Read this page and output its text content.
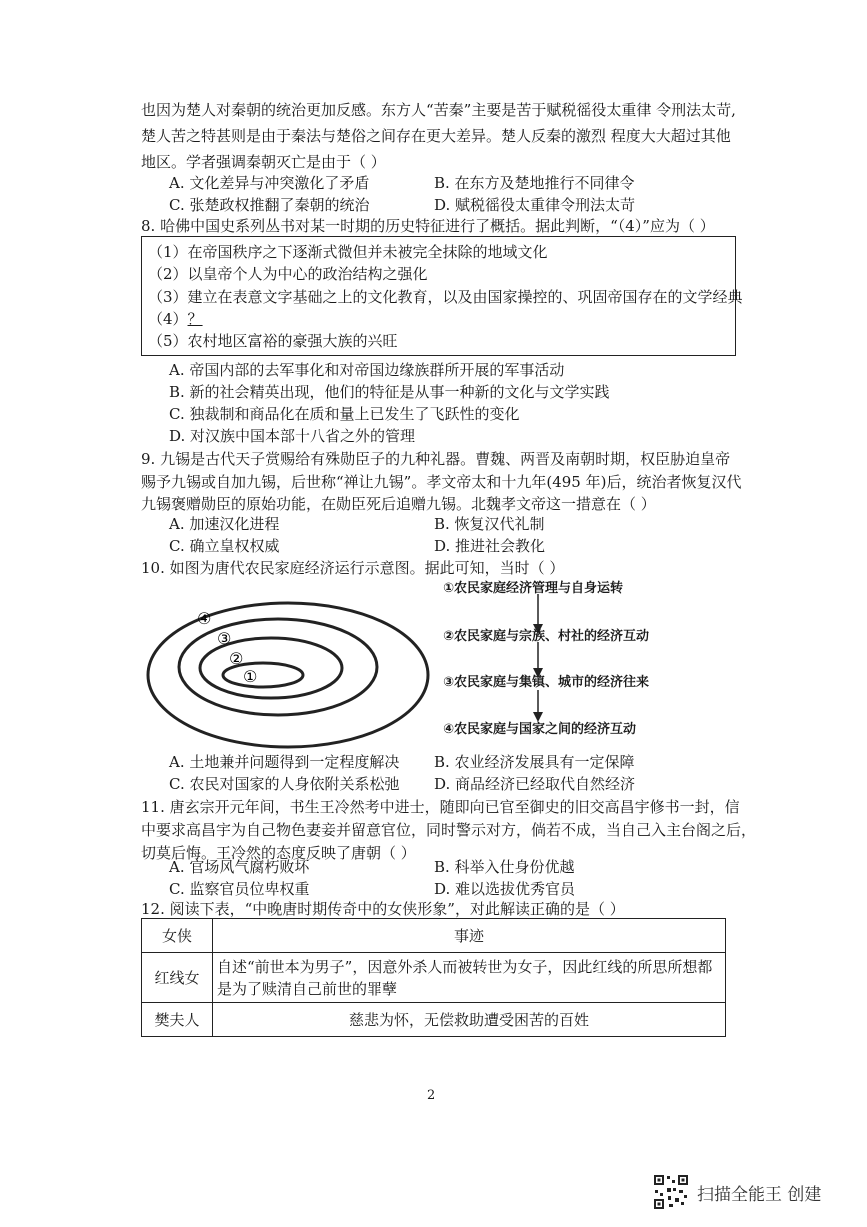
也因为楚人对秦朝的统治更加反感。东方人“苦秦”主要是苦于赋税徭役太重律 令刑法太苛,
楚人苦之特甚则是由于秦法与楚俗之间存在更大差异。楚人反秦的激烈 程度大大超过其他
地区。学者强调秦朝灭亡是由于（ ）
A. 文化差异与冲突激化了矛盾	B. 在东方及楚地推行不同律令
C. 张楚政权推翻了秦朝的统治	D. 赋税徭役太重律令刑法太苛
8. 哈佛中国史系列丛书对某一时期的历史特征进行了概括。据此判断，“（4）”应为（ ）
（1）在帝国秩序之下逐渐式微但并未被完全抹除的地域文化
（2）以皇帝个人为中心的政治结构之强化
（3）建立在表意文字基础之上的文化教育，以及由国家操控的、巩固帝国存在的文学经典
（4）？
（5）农村地区富裕的豪强大族的兴旺
A. 帝国内部的去军事化和对帝国边缘族群所开展的军事活动
B. 新的社会精英出现，他们的特征是从事一种新的文化与文学实践
C. 独裁制和商品化在质和量上已发生了飞跃性的变化
D. 对汉族中国本部十八省之外的管理
9. 九锡是古代天子赏赐给有殊勋臣子的九种礼器。曹魏、两晋及南朝时期，权臣胁迫皇帝
赐予九锡或自加九锡，后世称“禅让九锡”。孝文帝太和十九年(495 年)后，统治者恢复汉代
九锡褒赠勋臣的原始功能，在勋臣死后追赠九锡。北魏孝文帝这一措意在（ ）
A. 加速汉化进程	B. 恢复汉代礼制
C. 确立皇权权威	D. 推进社会教化
10. 如图为唐代农民家庭经济运行示意图。据此可知，当时（ ）
①
②
③
④
①农民家庭经济管理与自身运转
②农民家庭与宗族、村社的经济互动
③农民家庭与集镇、城市的经济往来
④农民家庭与国家之间的经济互动
A. 土地兼并问题得到一定程度解决 B. 农业经济发展具有一定保障
C. 农民对国家的人身依附关系松弛 D. 商品经济已经取代自然经济
11. 唐玄宗开元年间，书生王冷然考中进士，随即向已官至御史的旧交高昌宇修书一封，信
中要求高昌宇为自己物色妻妾并留意官位，同时警示对方，倘若不成，当自己入主台阁之后，
切莫后悔。王冷然的态度反映了唐朝（ ）
A. 官场风气腐朽败坏	B. 科举入仕身份优越
C. 监察官员位卑权重	D. 难以选拔优秀官员
12. 阅读下表，“中晚唐时期传奇中的女侠形象”，对此解读正确的是（ ）
女侠	事迹
红线女	自述“前世本为男子”，因意外杀人而被转世为女子，因此红线的所思所想都是为了赎清自己前世的罪孽
樊夫人	慈悲为怀，无偿救助遭受困苦的百姓
2
扫描全能王 创建
